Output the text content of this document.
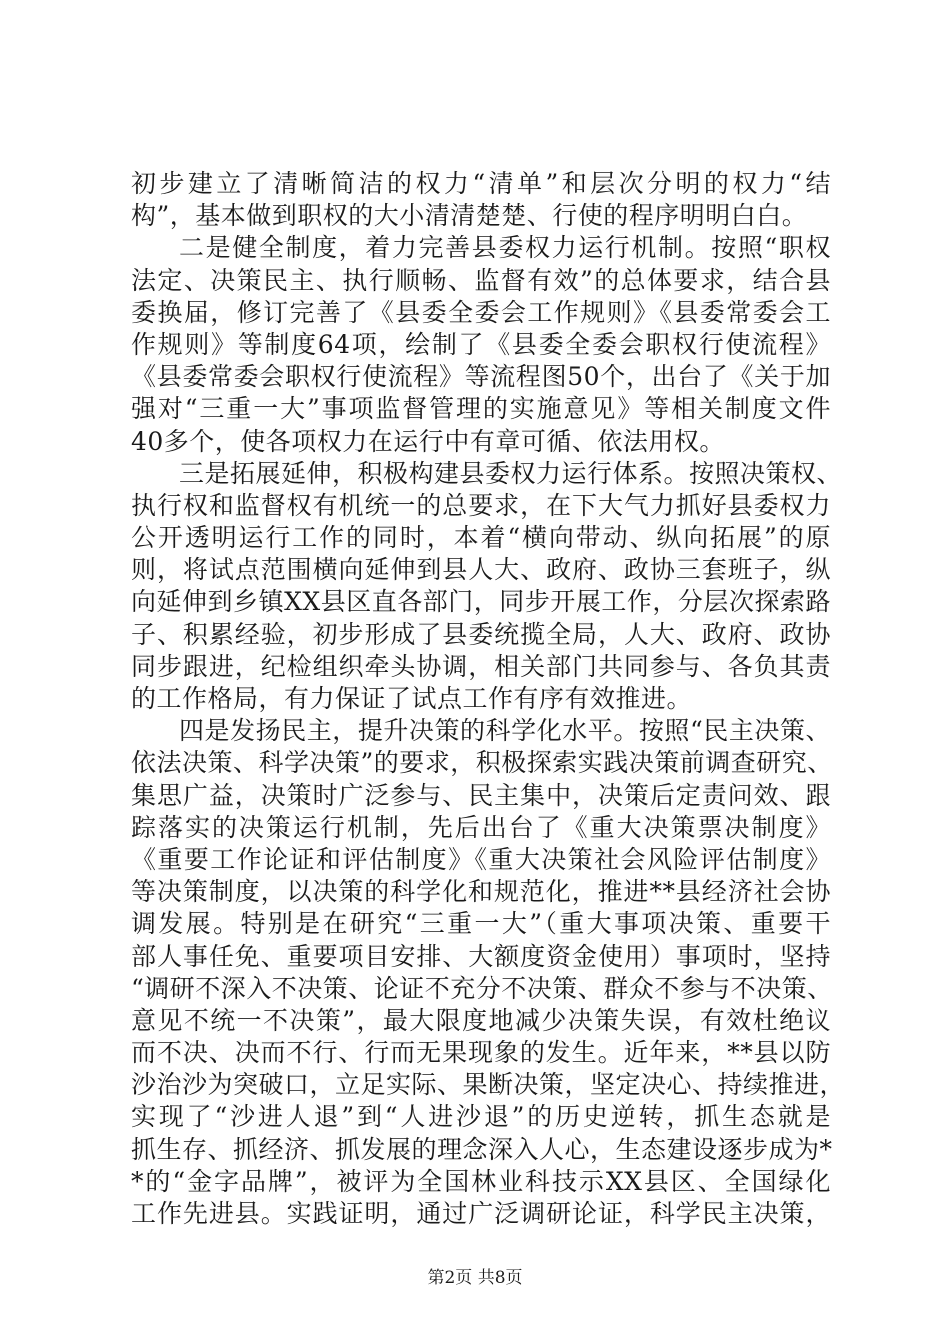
初步建立了清晰简洁的权力“清单”和层次分明的权力“结
构”，基本做到职权的大小清清楚楚、行使的程序明明白白。
二是健全制度，着力完善县委权力运行机制。按照“职权
法定、决策民主、执行顺畅、监督有效”的总体要求，结合县
委换届，修订完善了《县委全委会工作规则》《县委常委会工
作规则》等制度64项，绘制了《县委全委会职权行使流程》
《县委常委会职权行使流程》等流程图50个，出台了《关于加
强对“三重一大”事项监督管理的实施意见》等相关制度文件
40多个，使各项权力在运行中有章可循、依法用权。
三是拓展延伸，积极构建县委权力运行体系。按照决策权、
执行权和监督权有机统一的总要求，在下大气力抓好县委权力
公开透明运行工作的同时，本着“横向带动、纵向拓展”的原
则，将试点范围横向延伸到县人大、政府、政协三套班子，纵
向延伸到乡镇XX县区直各部门，同步开展工作，分层次探索路
子、积累经验，初步形成了县委统揽全局，人大、政府、政协
同步跟进，纪检组织牵头协调，相关部门共同参与、各负其责
的工作格局，有力保证了试点工作有序有效推进。
四是发扬民主，提升决策的科学化水平。按照“民主决策、
依法决策、科学决策”的要求，积极探索实践决策前调查研究、
集思广益，决策时广泛参与、民主集中，决策后定责问效、跟
踪落实的决策运行机制，先后出台了《重大决策票决制度》
《重要工作论证和评估制度》《重大决策社会风险评估制度》
等决策制度，以决策的科学化和规范化，推进**县经济社会协
调发展。特别是在研究“三重一大”（重大事项决策、重要干
部人事任免、重要项目安排、大额度资金使用）事项时，坚持
“调研不深入不决策、论证不充分不决策、群众不参与不决策、
意见不统一不决策”，最大限度地减少决策失误，有效杜绝议
而不决、决而不行、行而无果现象的发生。近年来，**县以防
沙治沙为突破口，立足实际、果断决策，坚定决心、持续推进，
实现了“沙进人退”到“人进沙退”的历史逆转，抓生态就是
抓生存、抓经济、抓发展的理念深入人心，生态建设逐步成为*
*的“金字品牌”，被评为全国林业科技示XX县区、全国绿化
工作先进县。实践证明，通过广泛调研论证，科学民主决策，
第2页 共8页
